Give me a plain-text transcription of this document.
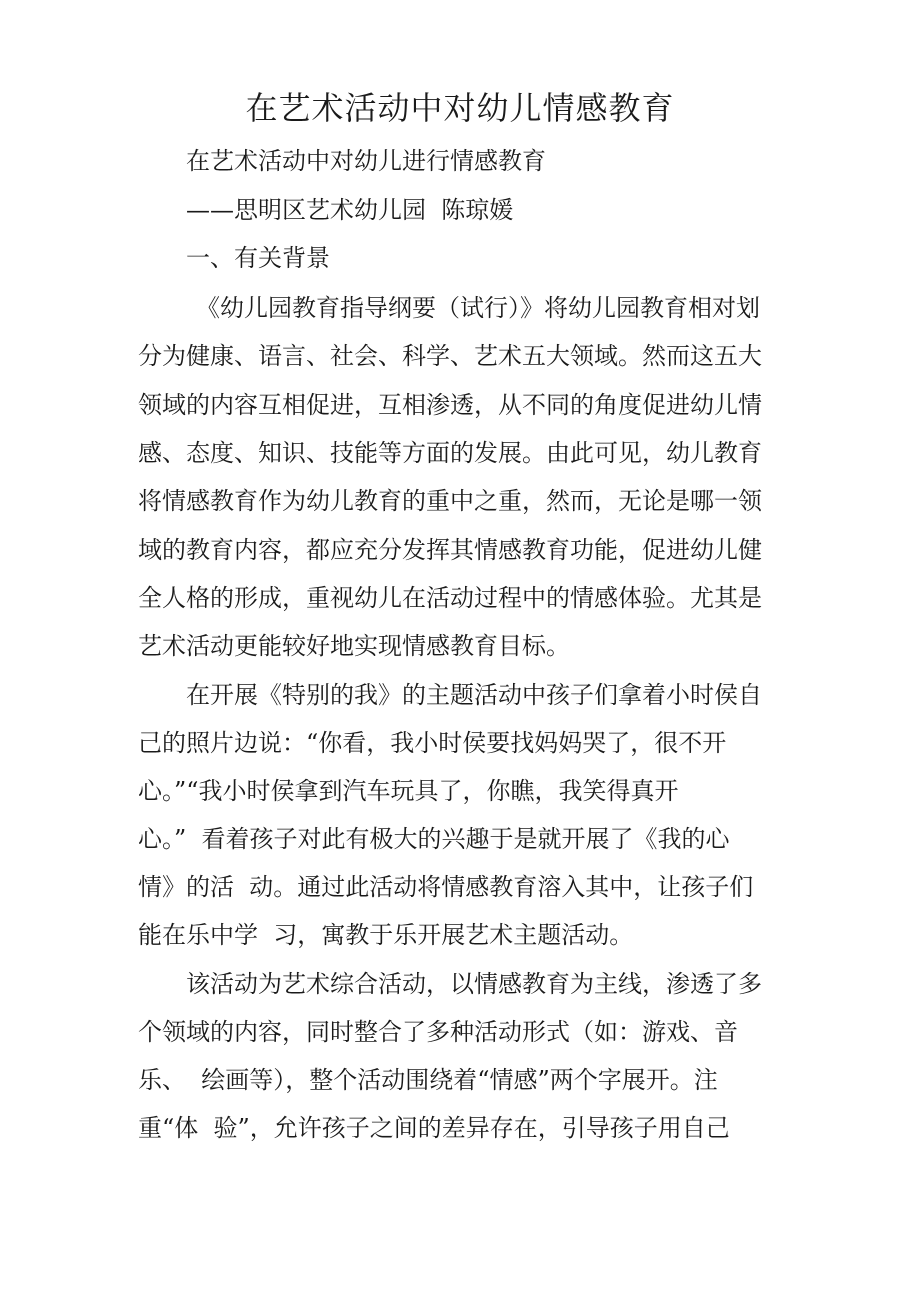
在艺术活动中对幼儿情感教育
在艺术活动中对幼儿进行情感教育
——思明区艺术幼儿园  陈琼媛
一、有关背景
《幼儿园教育指导纲要（试行）》将幼儿园教育相对划
分为健康、语言、社会、科学、艺术五大领域。然而这五大
领域的内容互相促进，互相渗透，从不同的角度促进幼儿情
感、态度、知识、技能等方面的发展。由此可见，幼儿教育
将情感教育作为幼儿教育的重中之重，然而，无论是哪一领
域的教育内容，都应充分发挥其情感教育功能，促进幼儿健
全人格的形成，重视幼儿在活动过程中的情感体验。尤其是
艺术活动更能较好地实现情感教育目标。
在开展《特别的我》的主题活动中孩子们拿着小时侯自
己的照片边说：“你看，我小时侯要找妈妈哭了，很不开
心。”“我小时侯拿到汽车玩具了，你瞧，我笑得真开
心。”  看着孩子对此有极大的兴趣于是就开展了《我的心
情》的活  动。通过此活动将情感教育溶入其中，让孩子们
能在乐中学  习，寓教于乐开展艺术主题活动。
该活动为艺术综合活动，以情感教育为主线，渗透了多
个领域的内容，同时整合了多种活动形式（如：游戏、音
乐、  绘画等），整个活动围绕着“情感”两个字展开。注
重“体  验”，允许孩子之间的差异存在，引导孩子用自己
